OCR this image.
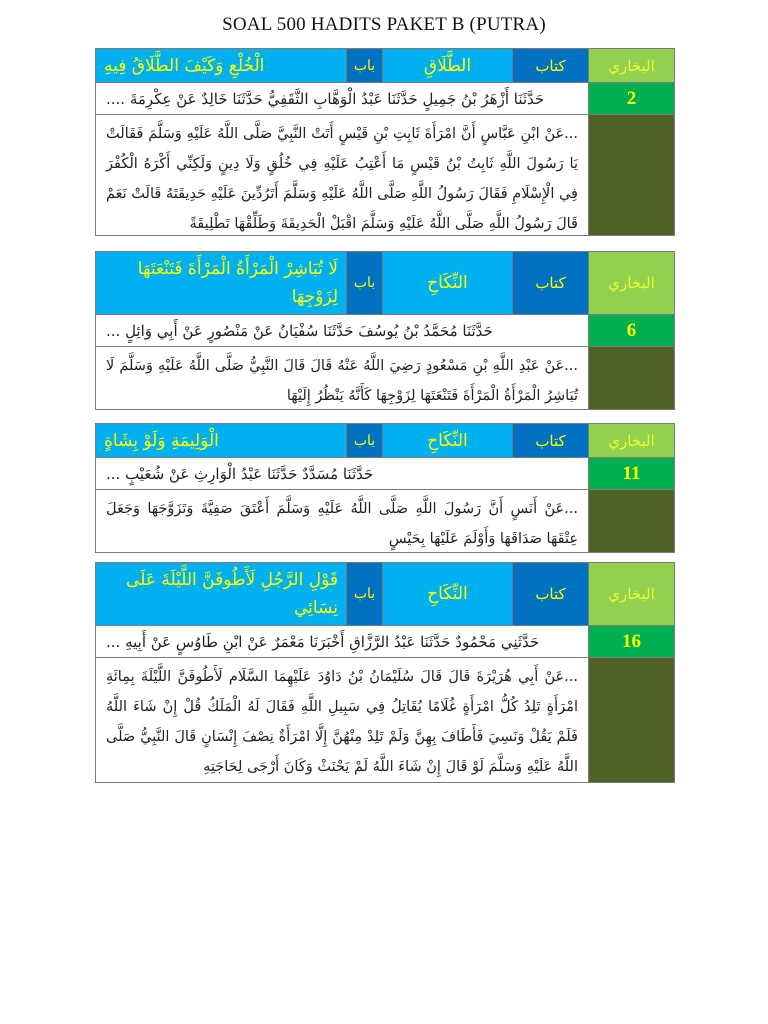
SOAL 500 HADITS PAKET B (PUTRA)
البخاري
كتاب
الطَّلَاقِ
باب
الْخُلْعِ وَكَيْفَ الطَّلَاقُ فِيهِ
2
حَدَّثَنَا أَزْهَرُ بْنُ جَمِيلٍ حَدَّثَنَا عَبْدُ الْوَهَّابِ الثَّقَفِيُّ حَدَّثَنَا خَالِدٌ عَنْ عِكْرِمَةَ ....
...عَنْ ابْنِ عَبَّاسٍ أَنَّ امْرَأَةَ ثَابِتِ بْنِ قَيْسٍ أَتَتْ النَّبِيَّ صَلَّى اللَّهُ عَلَيْهِ وَسَلَّمَ فَقَالَتْ يَا رَسُولَ اللَّهِ ثَابِتُ بْنُ قَيْسٍ مَا أَعْتِبُ عَلَيْهِ فِي خُلُقٍ وَلَا دِينٍ وَلَكِنِّي أَكْرَهُ الْكُفْرَ فِي الْإِسْلَامِ فَقَالَ رَسُولُ اللَّهِ صَلَّى اللَّهُ عَلَيْهِ وَسَلَّمَ أَتَرُدِّينَ عَلَيْهِ حَدِيقَتَهُ قَالَتْ نَعَمْ قَالَ رَسُولُ اللَّهِ صَلَّى اللَّهُ عَلَيْهِ وَسَلَّمَ اقْبَلْ الْحَدِيقَةَ وَطَلِّقْهَا تَطْلِيقَةً
البخاري
كتاب
النِّكَاحِ
باب
لَا تُبَاشِرْ الْمَرْأَةُ الْمَرْأَةَ فَتَنْعَتَهَا لِزَوْجِهَا
6
حَدَّثَنَا مُحَمَّدُ بْنُ يُوسُفَ حَدَّثَنَا سُفْيَانُ عَنْ مَنْصُورٍ عَنْ أَبِي وَائِلٍ ...
...عَنْ عَبْدِ اللَّهِ بْنِ مَسْعُودٍ رَضِيَ اللَّهُ عَنْهُ قَالَ قَالَ النَّبِيُّ صَلَّى اللَّهُ عَلَيْهِ وَسَلَّمَ لَا تُبَاشِرُ الْمَرْأَةُ الْمَرْأَةَ فَتَنْعَتَهَا لِزَوْجِهَا كَأَنَّهُ يَنْظُرُ إِلَيْهَا
البخاري
كتاب
النِّكَاحِ
باب
الْوَلِيمَةِ وَلَوْ بِشَاةٍ
11
حَدَّثَنَا مُسَدَّدٌ حَدَّثَنَا عَبْدُ الْوَارِثِ عَنْ شُعَيْبٍ ...
...عَنْ أَنَسٍ أَنَّ رَسُولَ اللَّهِ صَلَّى اللَّهُ عَلَيْهِ وَسَلَّمَ أَعْتَقَ صَفِيَّةَ وَتَزَوَّجَهَا وَجَعَلَ عِتْقَهَا صَدَاقَهَا وَأَوْلَمَ عَلَيْهَا بِحَيْسٍ
البخاري
كتاب
النِّكَاحِ
باب
قَوْلِ الرَّجُلِ لَأَطُوفَنَّ اللَّيْلَةَ عَلَى نِسَائِي
16
حَدَّثَنِي مَحْمُودٌ حَدَّثَنَا عَبْدُ الرَّزَّاقِ أَخْبَرَنَا مَعْمَرٌ عَنْ ابْنِ طَاوُسٍ عَنْ أَبِيهِ ...
...عَنْ أَبِي هُرَيْرَةَ قَالَ قَالَ سُلَيْمَانُ بْنُ دَاوُدَ عَلَيْهِمَا السَّلَام لَأَطُوفَنَّ اللَّيْلَةَ بِمِائَةِ امْرَأَةٍ تَلِدُ كُلُّ امْرَأَةٍ غُلَامًا يُقَاتِلُ فِي سَبِيلِ اللَّهِ فَقَالَ لَهُ الْمَلَكُ قُلْ إِنْ شَاءَ اللَّهُ فَلَمْ يَقُلْ وَنَسِيَ فَأَطَافَ بِهِنَّ وَلَمْ تَلِدْ مِنْهُنَّ إِلَّا امْرَأَةٌ نِصْفَ إِنْسَانٍ قَالَ النَّبِيُّ صَلَّى اللَّهُ عَلَيْهِ وَسَلَّمَ لَوْ قَالَ إِنْ شَاءَ اللَّهُ لَمْ يَحْنَثْ وَكَانَ أَرْجَى لِحَاجَتِهِ
